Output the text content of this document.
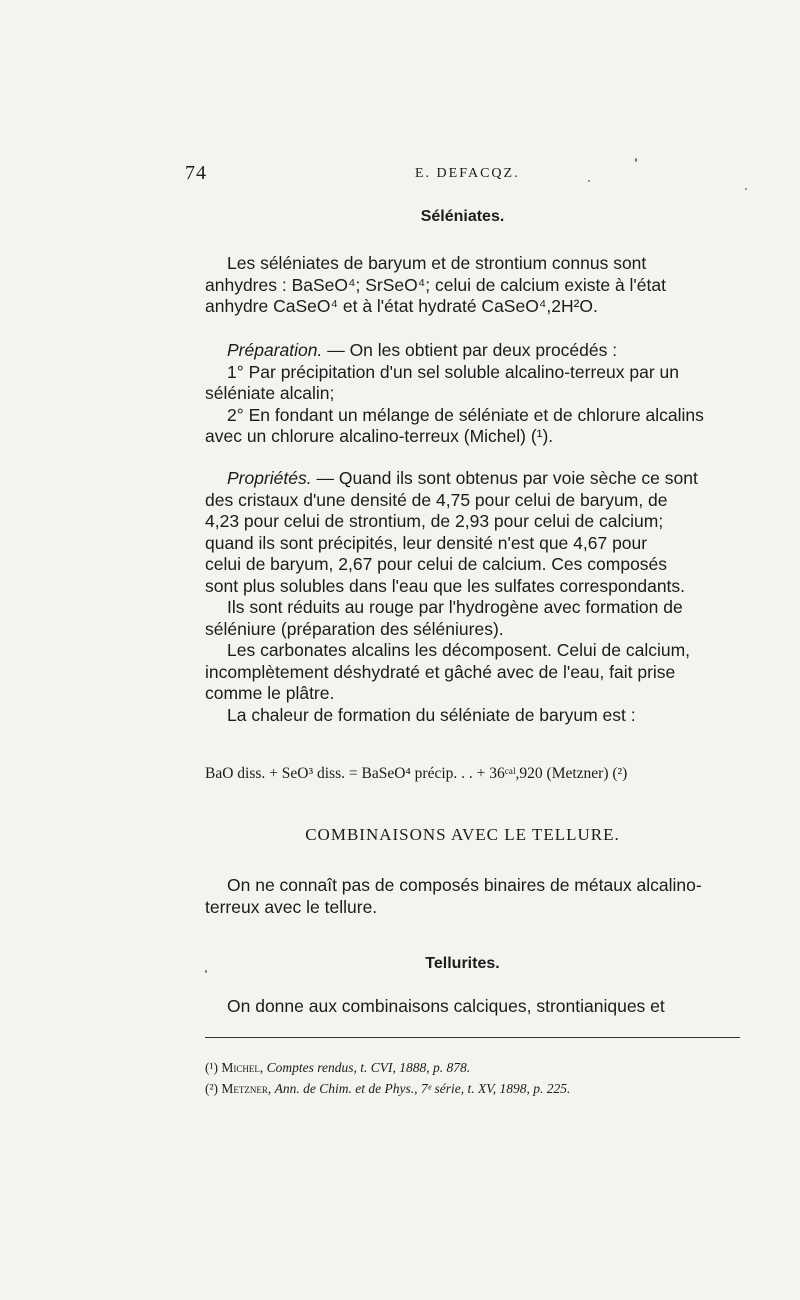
74	E. DEFACQZ.
Séléniates.
Les séléniates de baryum et de strontium connus sont
anhydres : BaSeO⁴; SrSeO⁴; celui de calcium existe à l'état
anhydre CaSeO⁴ et à l'état hydraté CaSeO⁴,2H²O.
Préparation. — On les obtient par deux procédés :
1° Par précipitation d'un sel soluble alcalino-terreux par un
séléniate alcalin;
2° En fondant un mélange de séléniate et de chlorure alcalins
avec un chlorure alcalino-terreux (Michel) (¹).
Propriétés. — Quand ils sont obtenus par voie sèche ce sont
des cristaux d'une densité de 4,75 pour celui de baryum, de
4,23 pour celui de strontium, de 2,93 pour celui de calcium;
quand ils sont précipités, leur densité n'est que 4,67 pour
celui de baryum, 2,67 pour celui de calcium. Ces composés
sont plus solubles dans l'eau que les sulfates correspondants.
Ils sont réduits au rouge par l'hydrogène avec formation de
séléniure (préparation des séléniures).
Les carbonates alcalins les décomposent. Celui de calcium,
incomplètement déshydraté et gâché avec de l'eau, fait prise
comme le plâtre.
La chaleur de formation du séléniate de baryum est :
BaO diss. + SeO³ diss. = BaSeO⁴ précip. . . + 36ᶜᵃˡ,920 (Metzner) (²)
COMBINAISONS AVEC LE TELLURE.
On ne connaît pas de composés binaires de métaux alcalino-
terreux avec le tellure.
Tellurites.
On donne aux combinaisons calciques, strontianiques et
(¹) Michel, Comptes rendus, t. CVI, 1888, p. 878.
(²) Metzner, Ann. de Chim. et de Phys., 7ᵉ série, t. XV, 1898, p. 225.
